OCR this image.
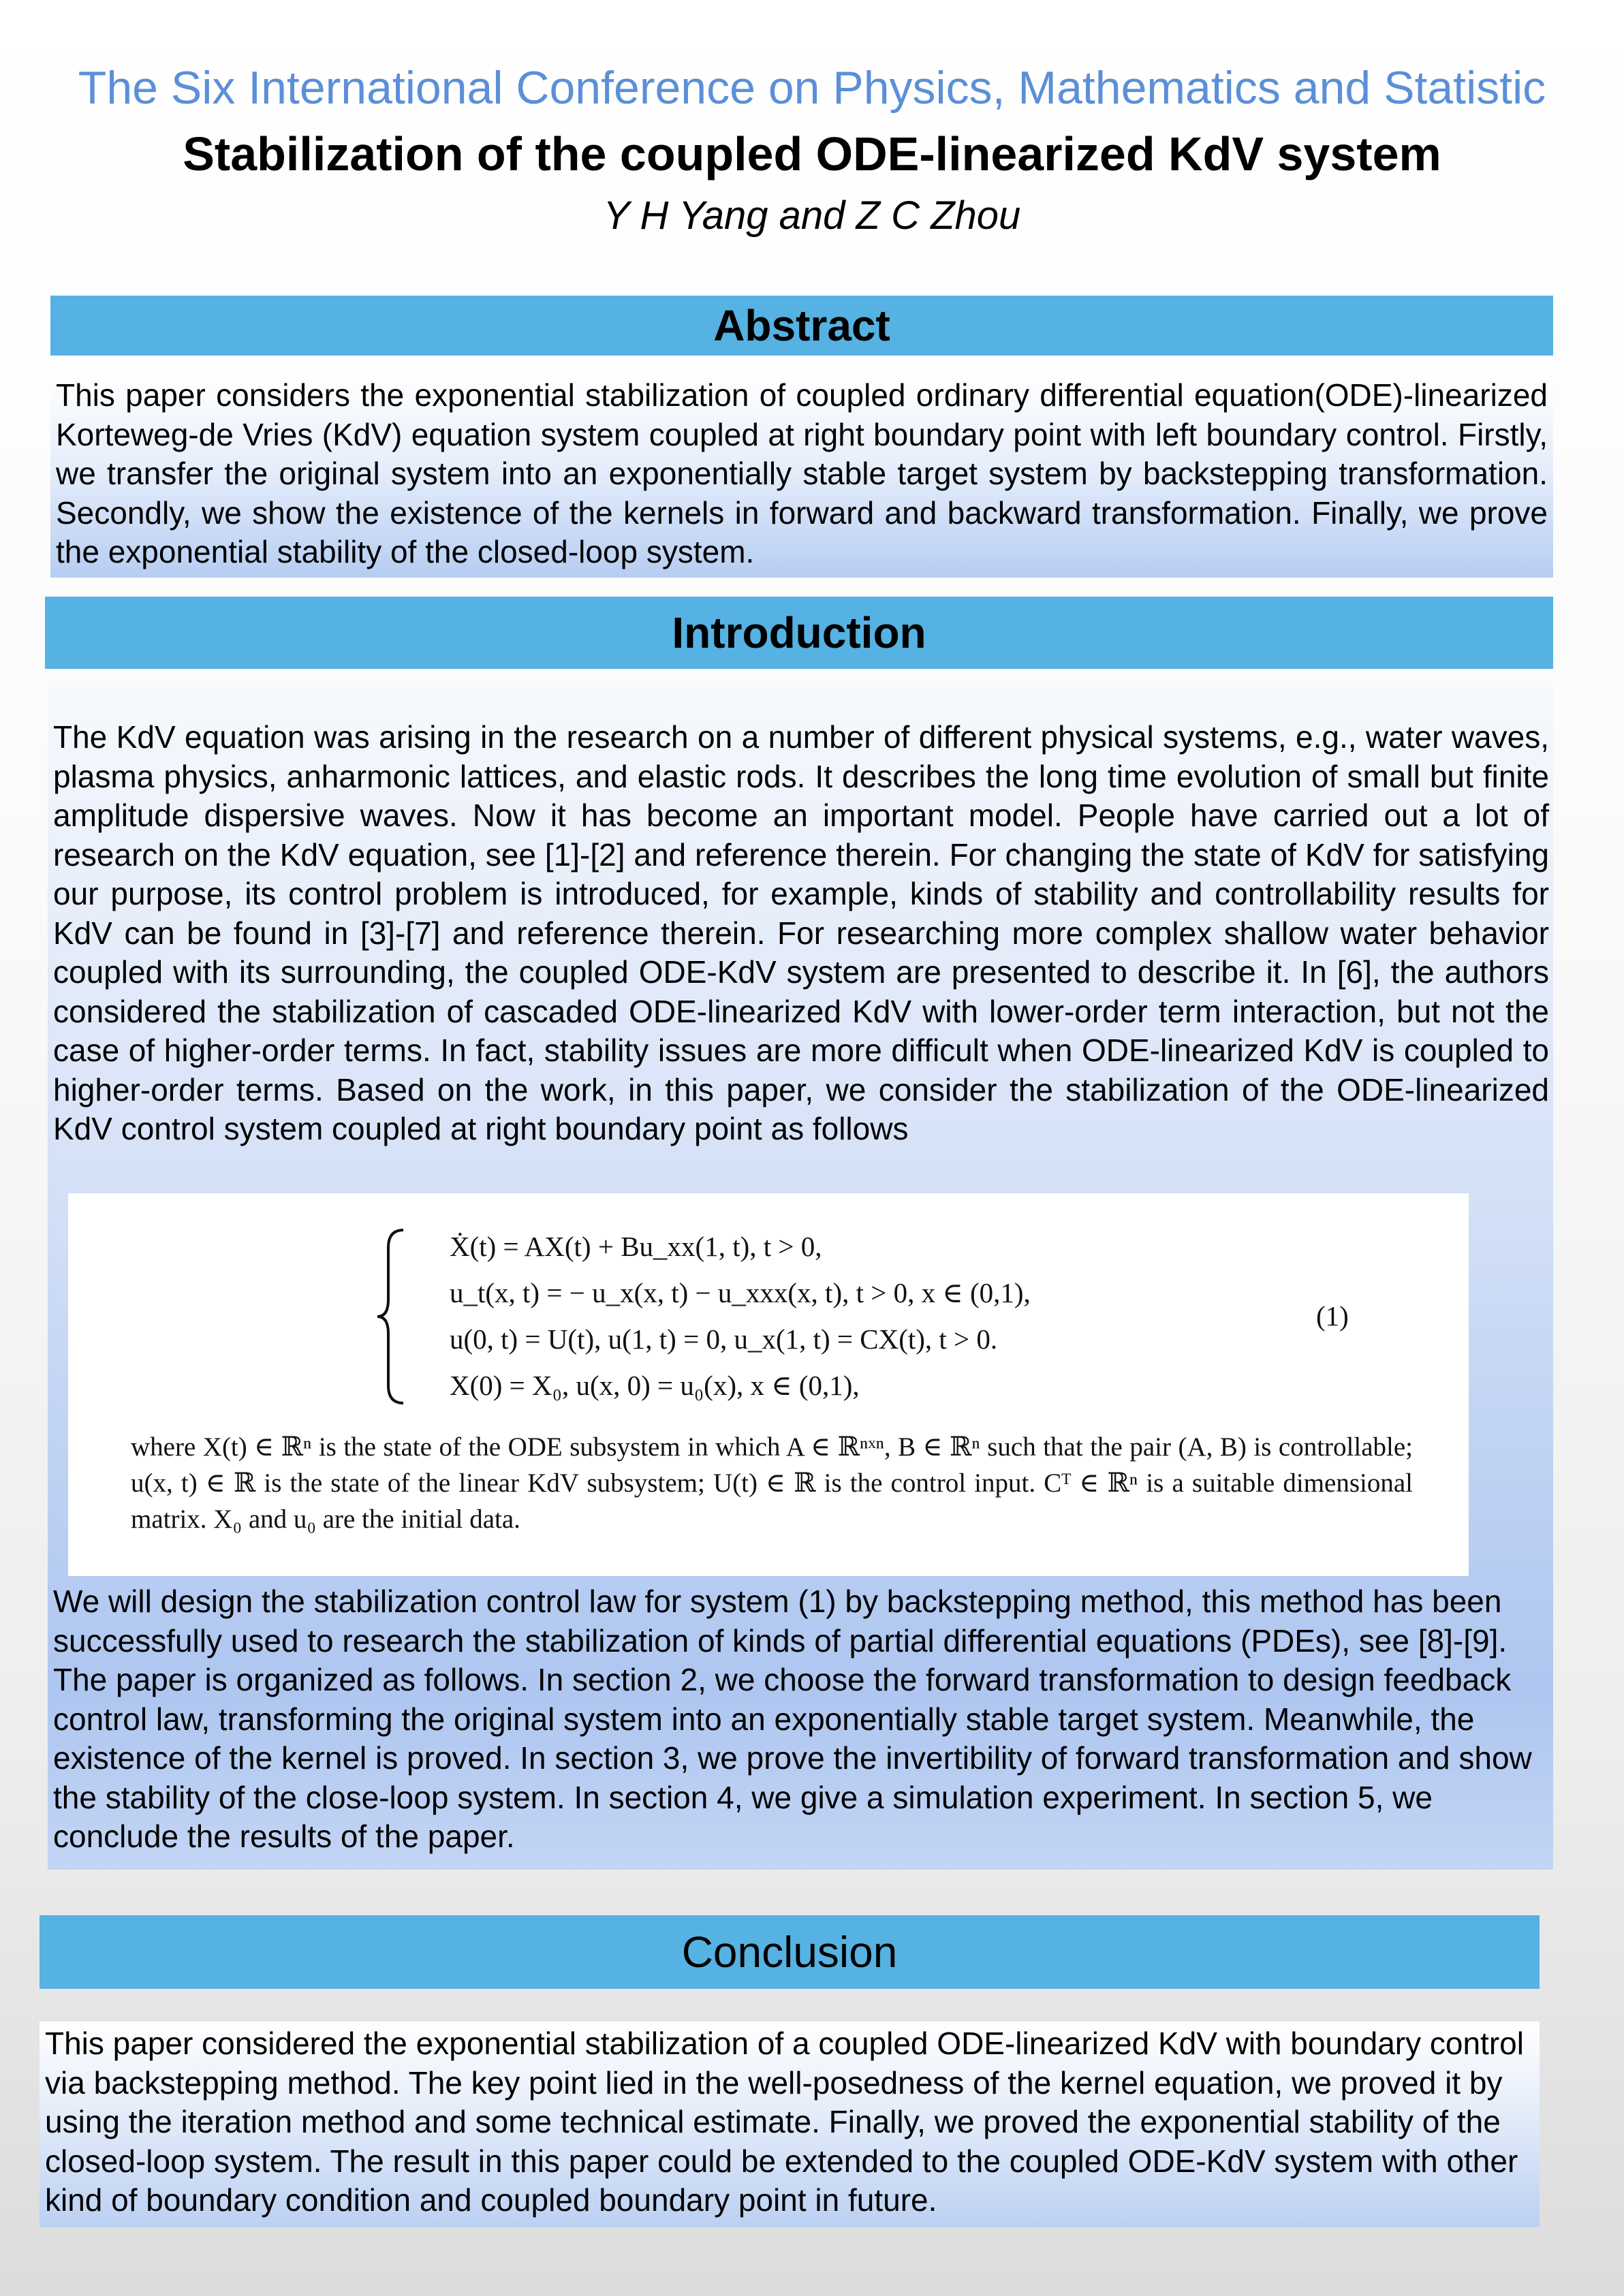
The Six International Conference on Physics, Mathematics and Statistic
Stabilization of the coupled ODE-linearized KdV system
Y H Yang and Z C Zhou
Abstract
This paper considers the exponential stabilization of coupled ordinary differential equation(ODE)-linearized Korteweg-de Vries (KdV) equation system coupled at right boundary point with left boundary control. Firstly, we transfer the original system into an exponentially stable target system by backstepping transformation. Secondly, we show the existence of the kernels in forward and backward transformation. Finally, we prove the exponential stability of the closed-loop system.
Introduction
The KdV equation was arising in the research on a number of different physical systems, e.g., water waves, plasma physics, anharmonic lattices, and elastic rods. It describes the long time evolution of small but finite amplitude dispersive waves. Now it has become an important model. People have carried out a lot of research on the KdV equation, see [1]-[2] and reference therein. For changing the state of KdV for satisfying our purpose, its control problem is introduced, for example, kinds of stability and controllability results for KdV can be found in [3]-[7] and reference therein. For researching more complex shallow water behavior coupled with its surrounding, the coupled ODE-KdV system are presented to describe it. In [6], the authors considered the stabilization of cascaded ODE-linearized KdV with lower-order term interaction, but not the case of higher-order terms. In fact, stability issues are more difficult when ODE-linearized KdV is coupled to higher-order terms. Based on the work, in this paper, we consider the stabilization of the ODE-linearized KdV control system coupled at right boundary point as follows
We will design the stabilization control law for system (1) by backstepping method, this method has been successfully used to research the stabilization of kinds of partial differential equations (PDEs), see [8]-[9]. The paper is organized as follows. In section 2, we choose the forward transformation to design feedback control law, transforming the original system into an exponentially stable target system. Meanwhile, the existence of the kernel is proved. In section 3, we prove the invertibility of forward transformation and show the stability of the close-loop system. In section 4, we give a simulation experiment. In section 5, we conclude the results of the paper.
Ẋ(t) = AX(t) + Bu_xx(1, t), t > 0,
u_t(x, t) = − u_x(x, t) − u_xxx(x, t), t > 0, x ∈ (0,1),
u(0, t) = U(t), u(1, t) = 0, u_x(1, t) = CX(t), t > 0.
X(0) = X₀, u(x, 0) = u₀(x), x ∈ (0,1),
(1)
where X(t) ∈ ℝⁿ is the state of the ODE subsystem in which A ∈ ℝⁿˣⁿ, B ∈ ℝⁿ such that the pair (A, B) is controllable; u(x, t) ∈ ℝ is the state of the linear KdV subsystem; U(t) ∈ ℝ is the control input. Cᵀ ∈ ℝⁿ is a suitable dimensional matrix. X₀ and u₀ are the initial data.
Conclusion
This paper considered the exponential stabilization of a coupled ODE-linearized KdV with boundary control via backstepping method. The key point lied in the well-posedness of the kernel equation, we proved it by using the iteration method and some technical estimate. Finally, we proved the exponential stability of the closed-loop system. The result in this paper could be extended to the coupled ODE-KdV system with other kind of boundary condition and coupled boundary point in future.
